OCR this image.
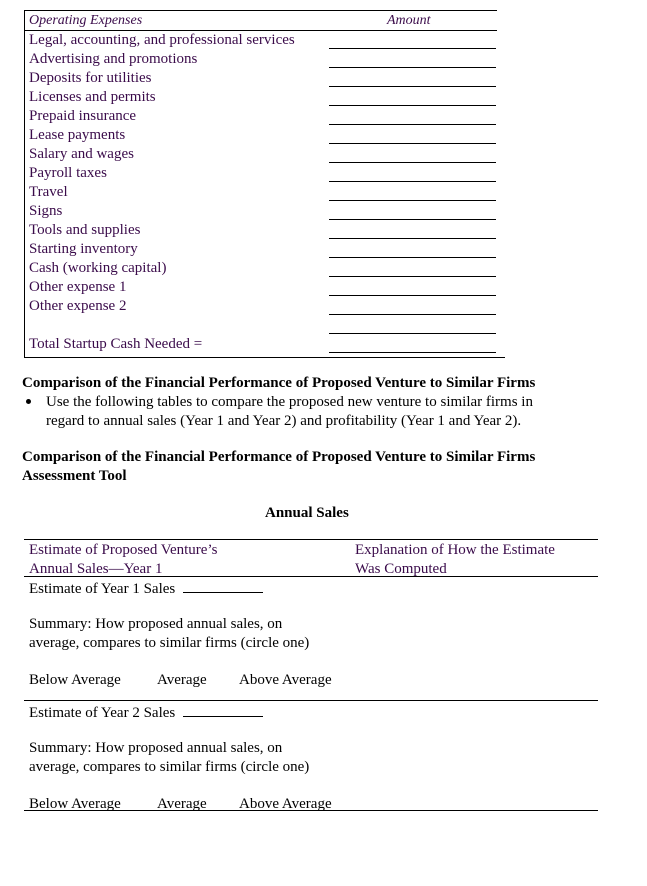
Operating Expenses	Amount
Legal, accounting, and professional services
Advertising and promotions
Deposits for utilities
Licenses and permits
Prepaid insurance
Lease payments
Salary and wages
Payroll taxes
Travel
Signs
Tools and supplies
Starting inventory
Cash (working capital)
Other expense 1
Other expense 2
Total Startup Cash Needed =
Comparison of the Financial Performance of Proposed Venture to Similar Firms
Use the following tables to compare the proposed new venture to similar firms in
regard to annual sales (Year 1 and Year 2) and profitability (Year 1 and Year 2).
Comparison of the Financial Performance of Proposed Venture to Similar Firms
Assessment Tool
Annual Sales
Estimate of Proposed Venture’s
Annual Sales—Year 1
Explanation of How the Estimate
Was Computed
Estimate of Year 1 Sales
Summary: How proposed annual sales, on
average, compares to similar firms (circle one)
Below Average Average Above Average
Estimate of Year 2 Sales
Summary: How proposed annual sales, on
average, compares to similar firms (circle one)
Below Average Average Above Average
